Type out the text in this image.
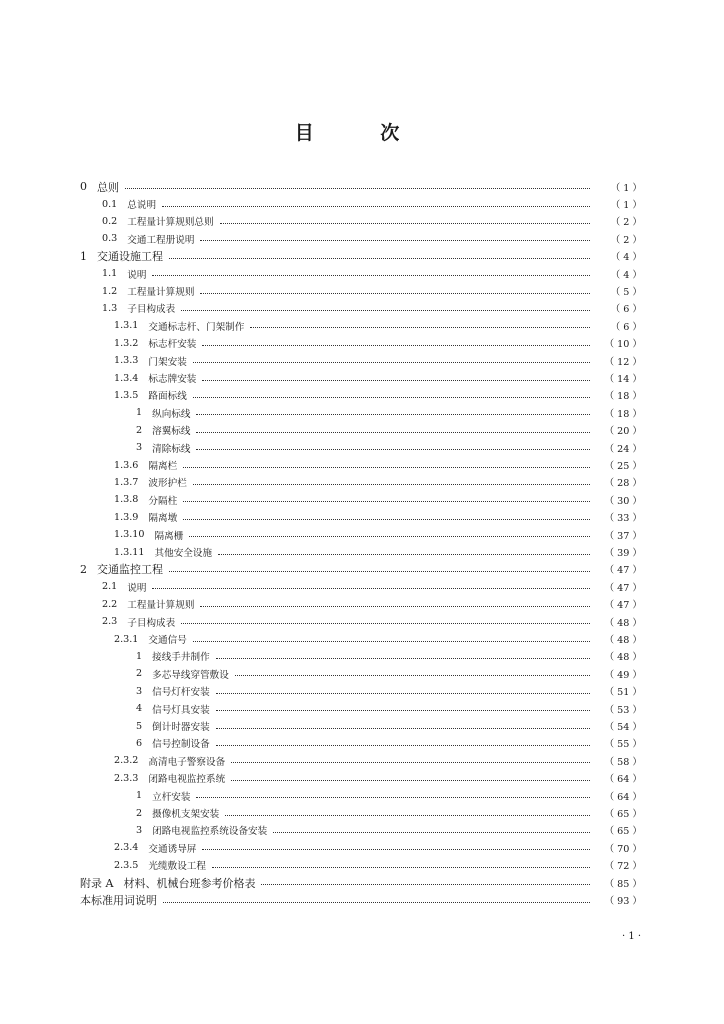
目 次
0 总则	（ 1 ）
0.1 总说明	（ 1 ）
0.2 工程量计算规则总则	（ 2 ）
0.3 交通工程册说明	（ 2 ）
1 交通设施工程	（ 4 ）
1.1 说明	（ 4 ）
1.2 工程量计算规则	（ 5 ）
1.3 子目构成表	（ 6 ）
1.3.1 交通标志杆、门架制作	（ 6 ）
1.3.2 标志杆安装	（ 10 ）
1.3.3 门架安装	（ 12 ）
1.3.4 标志牌安装	（ 14 ）
1.3.5 路面标线	（ 18 ）
1 纵向标线	（ 18 ）
2 溶翼标线	（ 20 ）
3 清除标线	（ 24 ）
1.3.6 隔离栏	（ 25 ）
1.3.7 波形护栏	（ 28 ）
1.3.8 分隔柱	（ 30 ）
1.3.9 隔离墩	（ 33 ）
1.3.10 隔离栅	（ 37 ）
1.3.11 其他安全设施	（ 39 ）
2 交通监控工程	（ 47 ）
2.1 说明	（ 47 ）
2.2 工程量计算规则	（ 47 ）
2.3 子目构成表	（ 48 ）
2.3.1 交通信号	（ 48 ）
1 接线手井制作	（ 48 ）
2 多芯导线穿管敷设	（ 49 ）
3 信号灯杆安装	（ 51 ）
4 信号灯具安装	（ 53 ）
5 倒计时器安装	（ 54 ）
6 信号控制设备	（ 55 ）
2.3.2 高清电子警察设备	（ 58 ）
2.3.3 闭路电视监控系统	（ 64 ）
1 立杆安装	（ 64 ）
2 摄像机支架安装	（ 65 ）
3 闭路电视监控系统设备安装	（ 65 ）
2.3.4 交通诱导屏	（ 70 ）
2.3.5 光缆敷设工程	（ 72 ）
附录 A 材料、机械台班参考价格表	（ 85 ）
本标准用词说明	（ 93 ）
· 1 ·
